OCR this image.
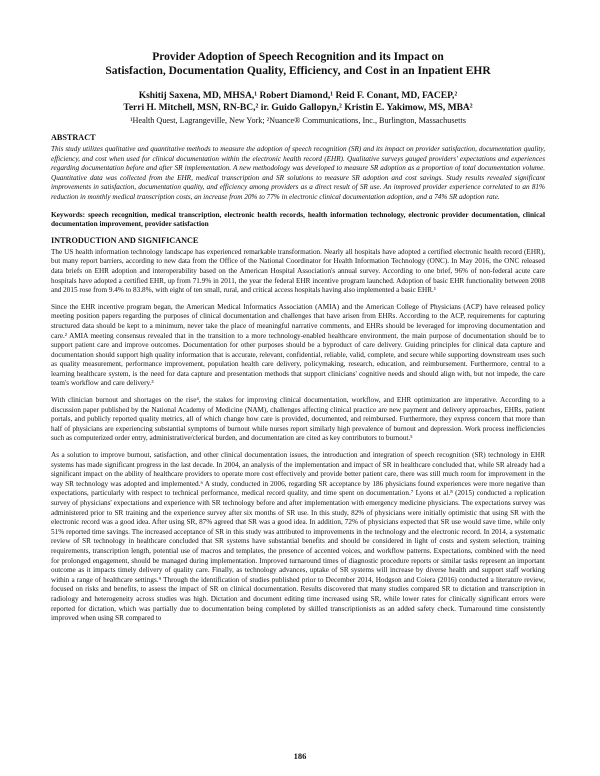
Provider Adoption of Speech Recognition and its Impact on
Satisfaction, Documentation Quality, Efficiency, and Cost in an Inpatient EHR
Kshitij Saxena, MD, MHSA,¹ Robert Diamond,¹ Reid F. Conant, MD, FACEP,²
Terri H. Mitchell, MSN, RN-BC,² ir. Guido Gallopyn,² Kristin E. Yakimow, MS, MBA²
¹Health Quest, Lagrangeville, New York; ²Nuance® Communications, Inc., Burlington, Massachusetts
ABSTRACT

This study utilizes qualitative and quantitative methods to measure the adoption of speech recognition (SR) and its impact on provider satisfaction, documentation quality, efficiency, and cost when used for clinical documentation within the electronic health record (EHR). Qualitative surveys gauged providers' expectations and experiences regarding documentation before and after SR implementation. A new methodology was developed to measure SR adoption as a proportion of total documentation volume. Quantitative data was collected from the EHR, medical transcription and SR solutions to measure SR adoption and cost savings. Study results revealed significant improvements in satisfaction, documentation quality, and efficiency among providers as a direct result of SR use. An improved provider experience correlated to an 81% reduction in monthly medical transcription costs, an increase from 20% to 77% in electronic clinical documentation adoption, and a 74% SR adoption rate.

Keywords: speech recognition, medical transcription, electronic health records, health information technology, electronic provider documentation, clinical documentation improvement, provider satisfaction

INTRODUCTION AND SIGNIFICANCE

The US health information technology landscape has experienced remarkable transformation. Nearly all hospitals have adopted a certified electronic health record (EHR), but many report barriers, according to new data from the Office of the National Coordinator for Health Information Technology (ONC). In May 2016, the ONC released data briefs on EHR adoption and interoperability based on the American Hospital Association's annual survey. According to one brief, 96% of non-federal acute care hospitals have adopted a certified EHR, up from 71.9% in 2011, the year the federal EHR incentive program launched. Adoption of basic EHR functionality between 2008 and 2015 rose from 9.4% to 83.8%, with eight of ten small, rural, and critical access hospitals having also implemented a basic EHR.¹

Since the EHR incentive program began, the American Medical Informatics Association (AMIA) and the American College of Physicians (ACP) have released policy meeting position papers regarding the purposes of clinical documentation and challenges that have arisen from EHRs. According to the ACP, requirements for capturing structured data should be kept to a minimum, never take the place of meaningful narrative comments, and EHRs should be leveraged for improving documentation and care.² AMIA meeting consensus revealed that in the transition to a more technology-enabled healthcare environment, the main purpose of documentation should be to support patient care and improve outcomes. Documentation for other purposes should be a byproduct of care delivery. Guiding principles for clinical data capture and documentation should support high quality information that is accurate, relevant, confidential, reliable, valid, complete, and secure while supporting downstream uses such as quality measurement, performance improvement, population health care delivery, policymaking, research, education, and reimbursement. Furthermore, central to a learning healthcare system, is the need for data capture and presentation methods that support clinicians' cognitive needs and should align with, but not impede, the care team's workflow and care delivery.³

With clinician burnout and shortages on the rise⁴, the stakes for improving clinical documentation, workflow, and EHR optimization are imperative. According to a discussion paper published by the National Academy of Medicine (NAM), challenges affecting clinical practice are new payment and delivery approaches, EHRs, patient portals, and publicly reported quality metrics, all of which change how care is provided, documented, and reimbursed. Furthermore, they express concern that more than half of physicians are experiencing substantial symptoms of burnout while nurses report similarly high prevalence of burnout and depression. Work process inefficiencies such as computerized order entry, administrative/clerical burden, and documentation are cited as key contributors to burnout.⁵

As a solution to improve burnout, satisfaction, and other clinical documentation issues, the introduction and integration of speech recognition (SR) technology in EHR systems has made significant progress in the last decade. In 2004, an analysis of the implementation and impact of SR in healthcare concluded that, while SR already had a significant impact on the ability of healthcare providers to operate more cost effectively and provide better patient care, there was still much room for improvement in the way SR technology was adopted and implemented.⁶ A study, conducted in 2006, regarding SR acceptance by 186 physicians found experiences were more negative than expectations, particularly with respect to technical performance, medical record quality, and time spent on documentation.⁷ Lyons et al.⁸ (2015) conducted a replication survey of physicians' expectations and experience with SR technology before and after implementation with emergency medicine physicians. The expectations survey was administered prior to SR training and the experience survey after six months of SR use. In this study, 82% of physicians were initially optimistic that using SR with the electronic record was a good idea. After using SR, 87% agreed that SR was a good idea. In addition, 72% of physicians expected that SR use would save time, while only 51% reported time savings. The increased acceptance of SR in this study was attributed to improvements in the technology and the electronic record. In 2014, a systematic review of SR technology in healthcare concluded that SR systems have substantial benefits and should be considered in light of costs and system selection, training requirements, transcription length, potential use of macros and templates, the presence of accented voices, and workflow patterns. Expectations, combined with the need for prolonged engagement, should be managed during implementation. Improved turnaround times of diagnostic procedure reports or similar tasks represent an important outcome as it impacts timely delivery of quality care. Finally, as technology advances, uptake of SR systems will increase by diverse health and support staff working within a range of healthcare settings.⁹ Through the identification of studies published prior to December 2014, Hodgson and Coiera (2016) conducted a literature review, focused on risks and benefits, to assess the impact of SR on clinical documentation. Results discovered that many studies compared SR to dictation and transcription in radiology and heterogeneity across studies was high. Dictation and document editing time increased using SR, while lower rates for clinically significant errors were reported for dictation, which was partially due to documentation being completed by skilled transcriptionists as an added safety check. Turnaround time consistently improved when using SR compared to

186
